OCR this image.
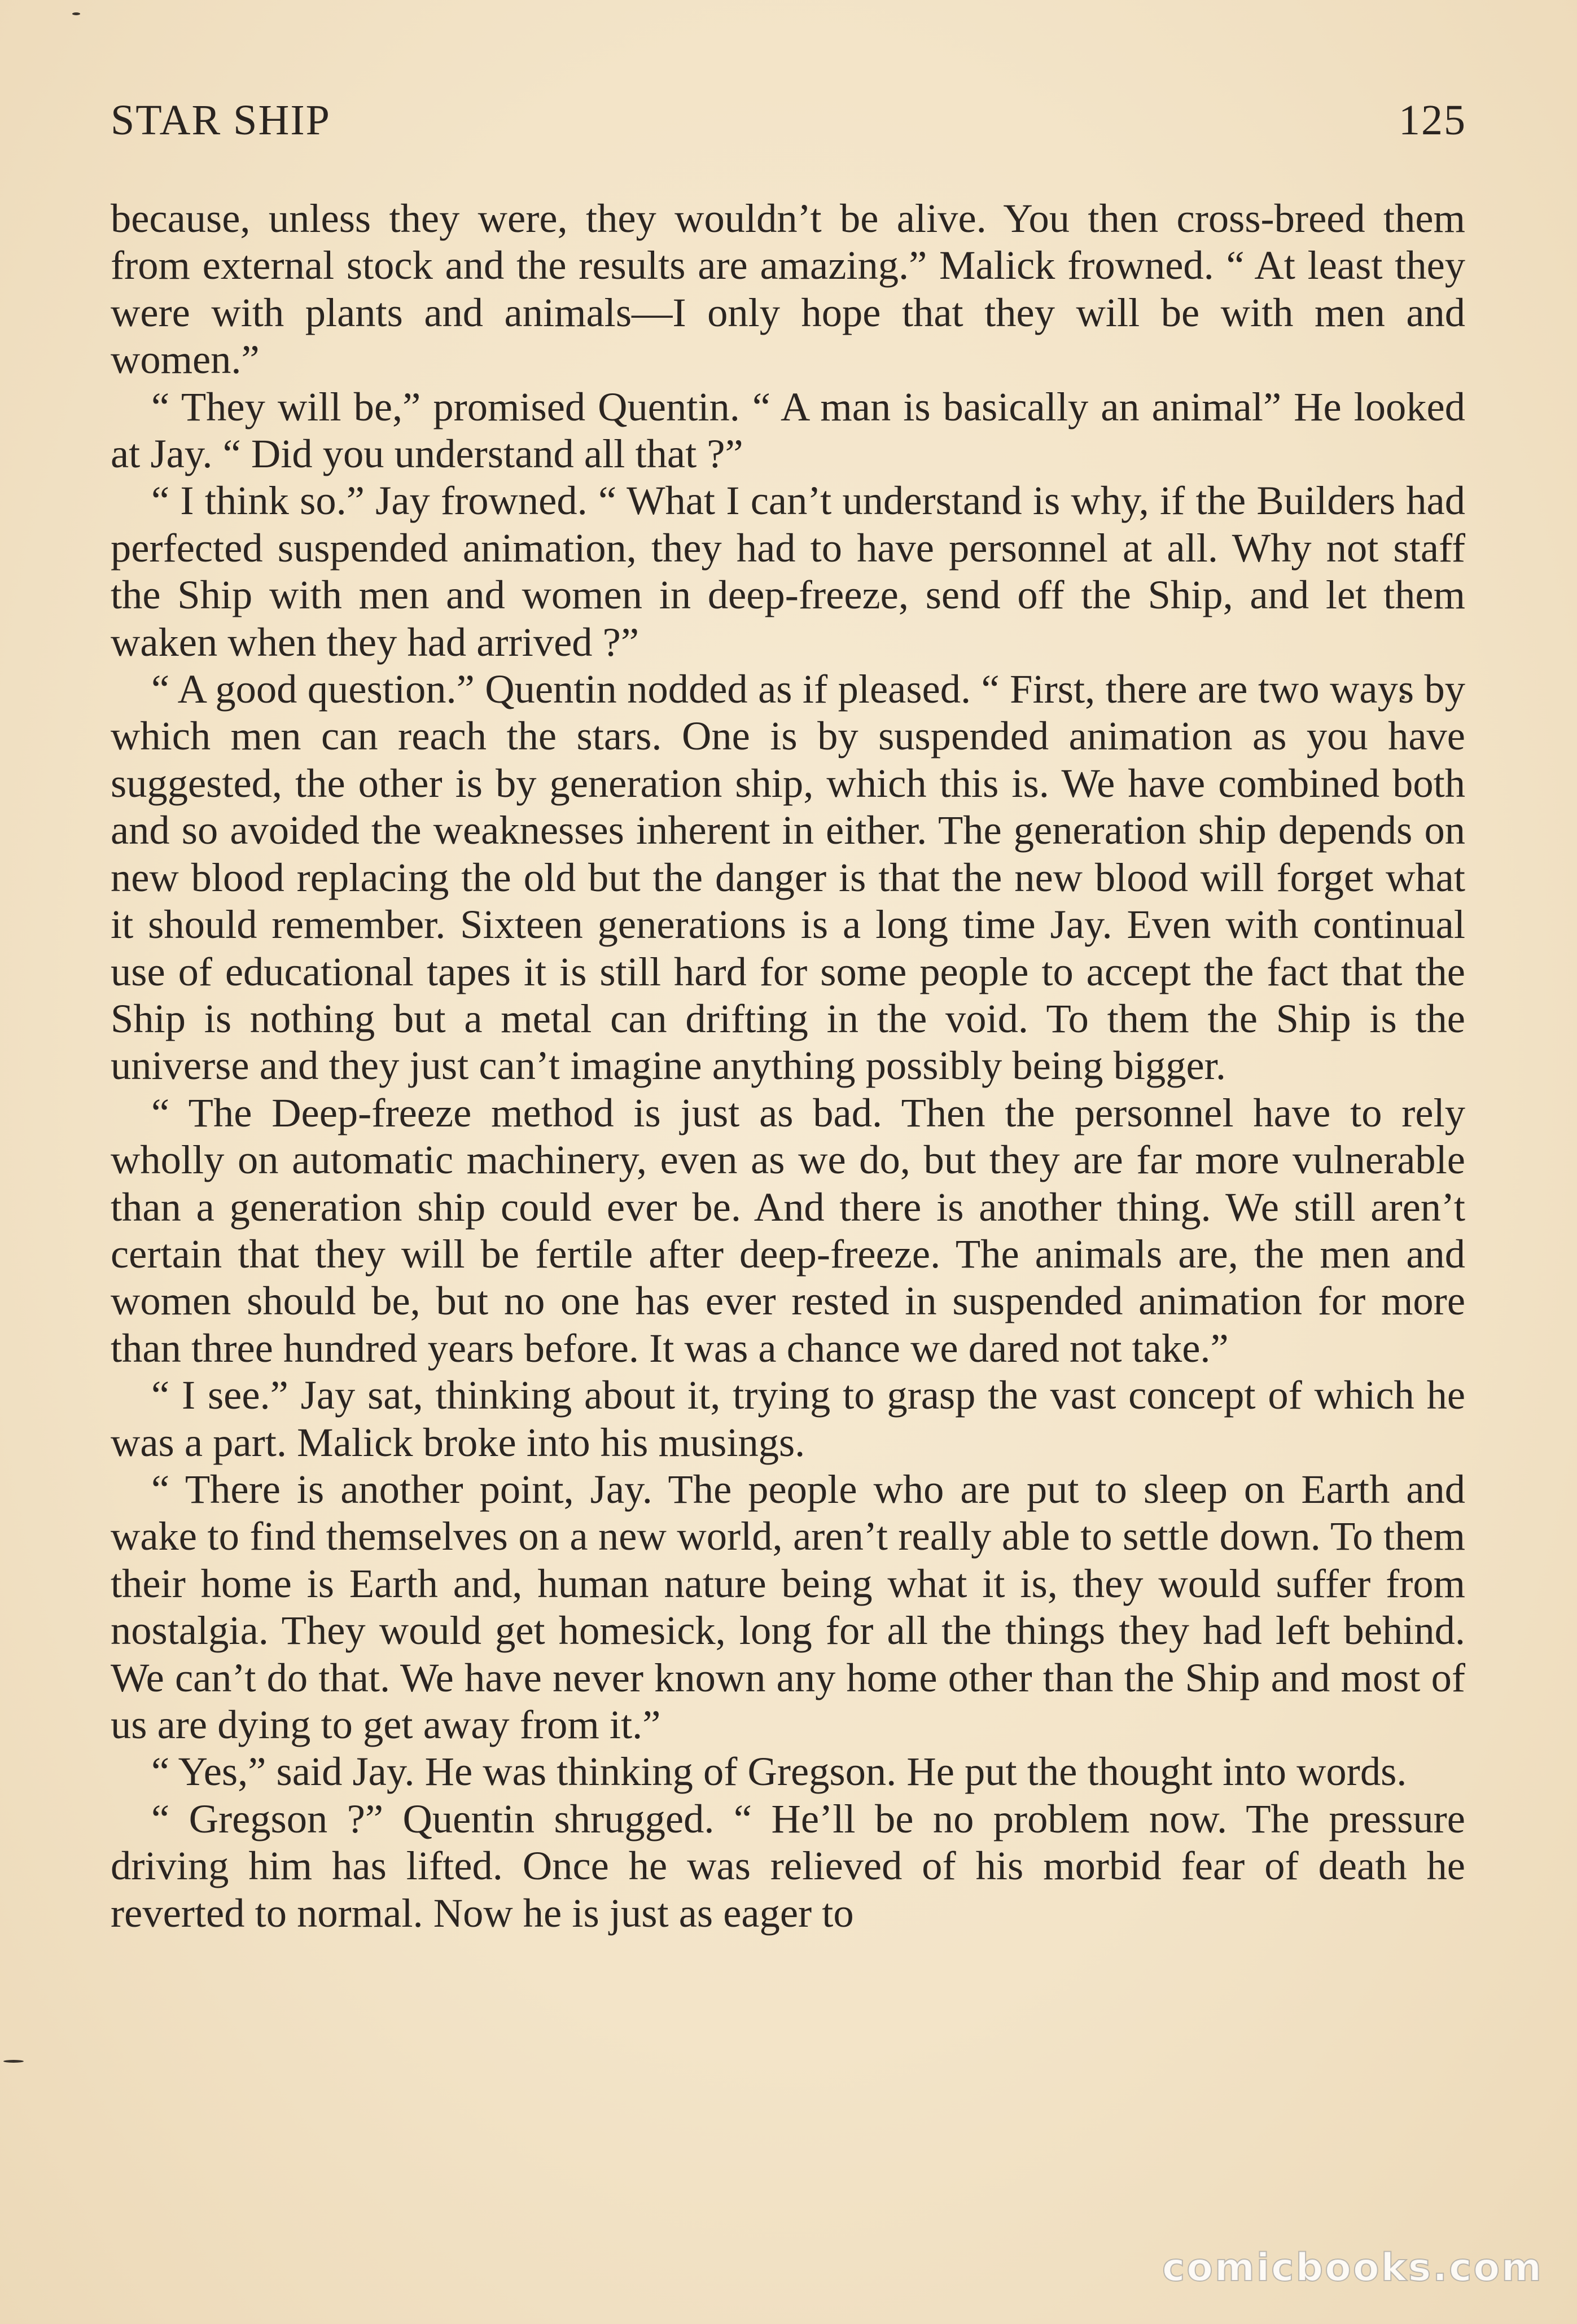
STAR SHIP	125

because, unless they were, they wouldn’t be alive. You then cross-breed them from external stock and the results are amazing.” Malick frowned. “ At least they were with plants and animals—I only hope that they will be with men and women.”

“ They will be,” promised Quentin. “ A man is basically an animal” He looked at Jay. “ Did you understand all that ?”

“ I think so.” Jay frowned. “ What I can’t understand is why, if the Builders had perfected suspended animation, they had to have personnel at all. Why not staff the Ship with men and women in deep-freeze, send off the Ship, and let them waken when they had arrived ?”

“ A good question.” Quentin nodded as if pleased. “ First, there are two ways by which men can reach the stars. One is by suspended animation as you have suggested, the other is by generation ship, which this is. We have combined both and so avoided the weaknesses inherent in either. The generation ship depends on new blood replacing the old but the danger is that the new blood will forget what it should remember. Sixteen generations is a long time Jay. Even with continual use of educational tapes it is still hard for some people to accept the fact that the Ship is nothing but a metal can drifting in the void. To them the Ship is the universe and they just can’t imagine anything possibly being bigger.

“ The Deep-freeze method is just as bad. Then the personnel have to rely wholly on automatic machinery, even as we do, but they are far more vulnerable than a generation ship could ever be. And there is another thing. We still aren’t certain that they will be fertile after deep-freeze. The animals are, the men and women should be, but no one has ever rested in suspended animation for more than three hundred years before. It was a chance we dared not take.”

“ I see.” Jay sat, thinking about it, trying to grasp the vast concept of which he was a part. Malick broke into his musings.

“ There is another point, Jay. The people who are put to sleep on Earth and wake to find themselves on a new world, aren’t really able to settle down. To them their home is Earth and, human nature being what it is, they would suffer from nostalgia. They would get homesick, long for all the things they had left behind. We can’t do that. We have never known any home other than the Ship and most of us are dying to get away from it.”

“ Yes,” said Jay. He was thinking of Gregson. He put the thought into words.

“ Gregson ?” Quentin shrugged. “ He’ll be no problem now. The pressure driving him has lifted. Once he was relieved of his morbid fear of death he reverted to normal. Now he is just as eager to

comicbooks.com
